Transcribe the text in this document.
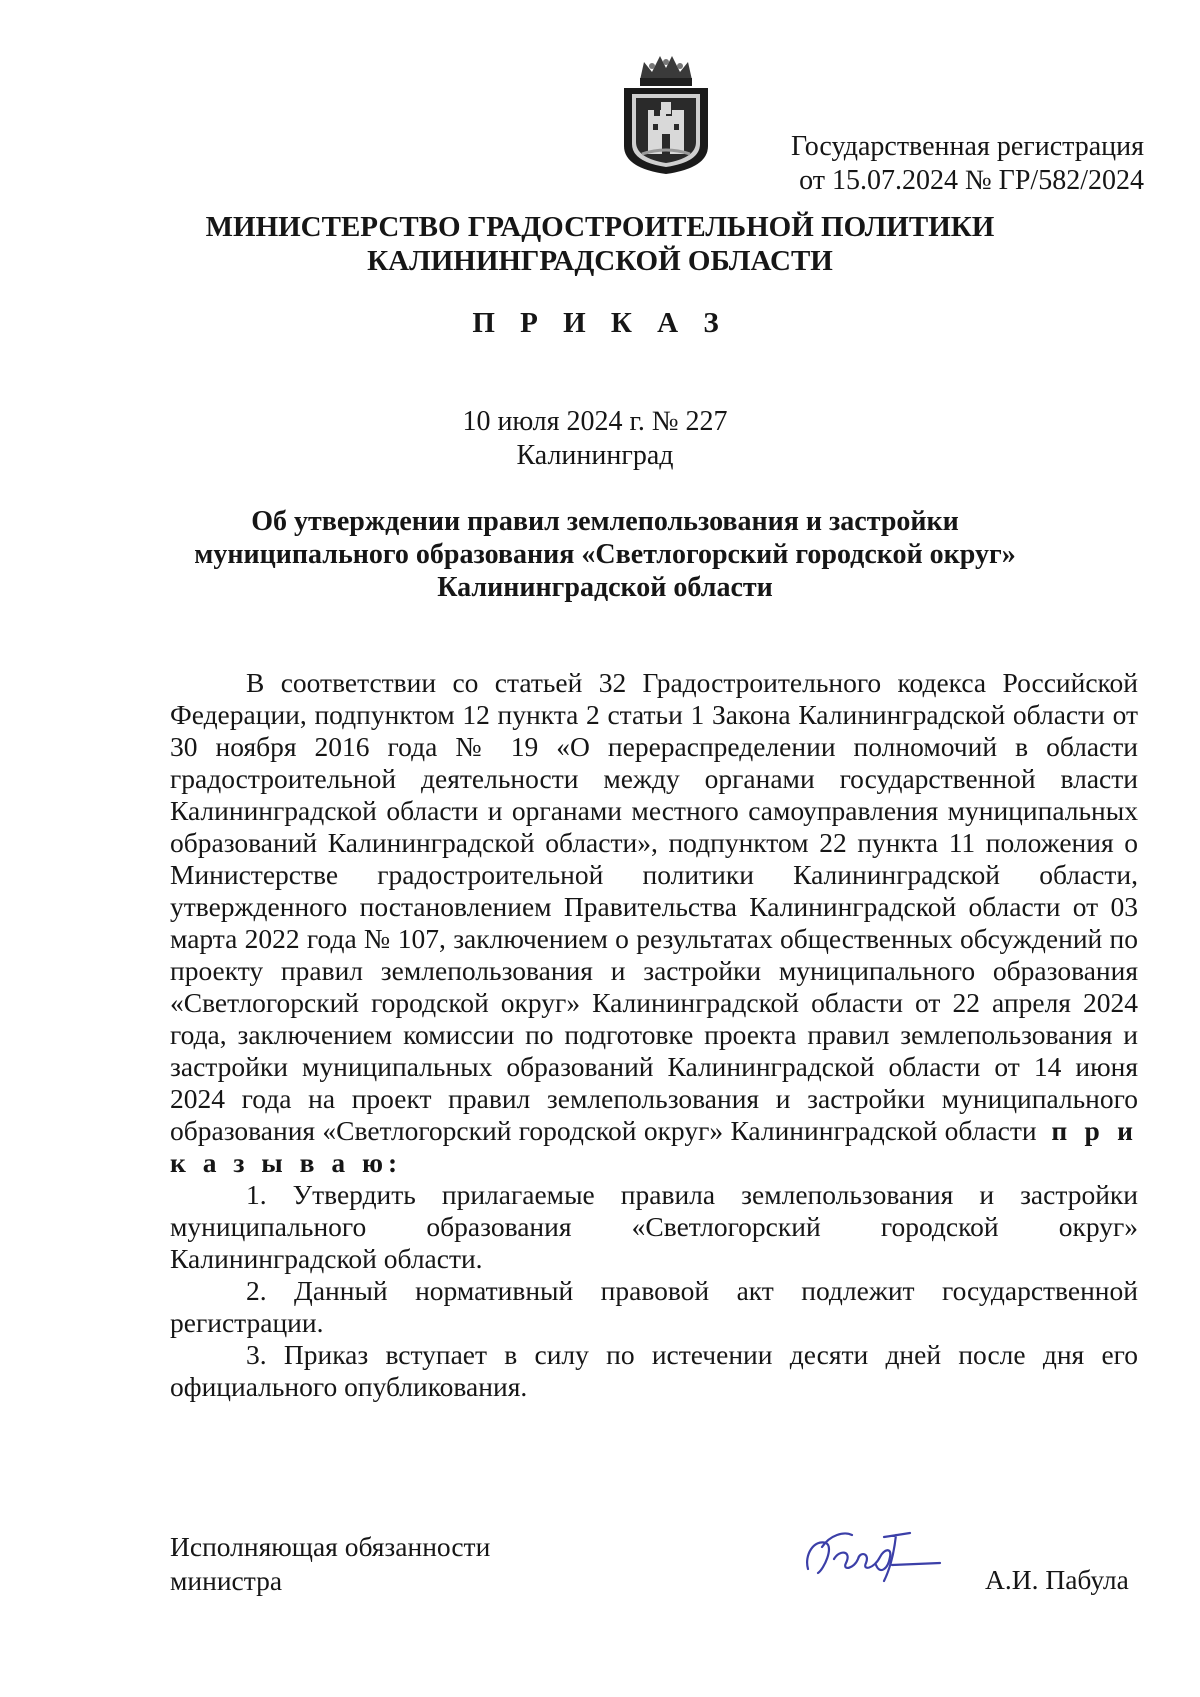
Государственная регистрация
от 15.07.2024 № ГР/582/2024
МИНИСТЕРСТВО ГРАДОСТРОИТЕЛЬНОЙ ПОЛИТИКИ
КАЛИНИНГРАДСКОЙ ОБЛАСТИ
П Р И К А З
10 июля 2024 г. № 227
Калининград
Об утверждении правил землепользования и застройки
муниципального образования «Светлогорский городской округ»
Калининградской области

В соответствии со статьей 32 Градостроительного кодекса Российской Федерации, подпунктом 12 пункта 2 статьи 1 Закона Калининградской области от 30 ноября 2016 года № 19 «О перераспределении полномочий в области градостроительной деятельности между органами государственной власти Калининградской области и органами местного самоуправления муниципальных образований Калининградской области», подпунктом 22 пункта 11 положения о Министерстве градостроительной политики Калининградской области, утвержденного постановлением Правительства Калининградской области от 03 марта 2022 года № 107, заключением о результатах общественных обсуждений по проекту правил землепользования и застройки муниципального образования «Светлогорский городской округ» Калининградской области от 22 апреля 2024 года, заключением комиссии по подготовке проекта правил землепользования и застройки муниципальных образований Калининградской области от 14 июня 2024 года на проект правил землепользования и застройки муниципального образования «Светлогорский городской округ» Калининградской области п р и к а з ы в а ю:

1. Утвердить прилагаемые правила землепользования и застройки муниципального образования «Светлогорский городской округ» Калининградской области.

2. Данный нормативный правовой акт подлежит государственной регистрации.

3. Приказ вступает в силу по истечении десяти дней после дня его официального опубликования.

Исполняющая обязанности
министра	А.И. Пабула
